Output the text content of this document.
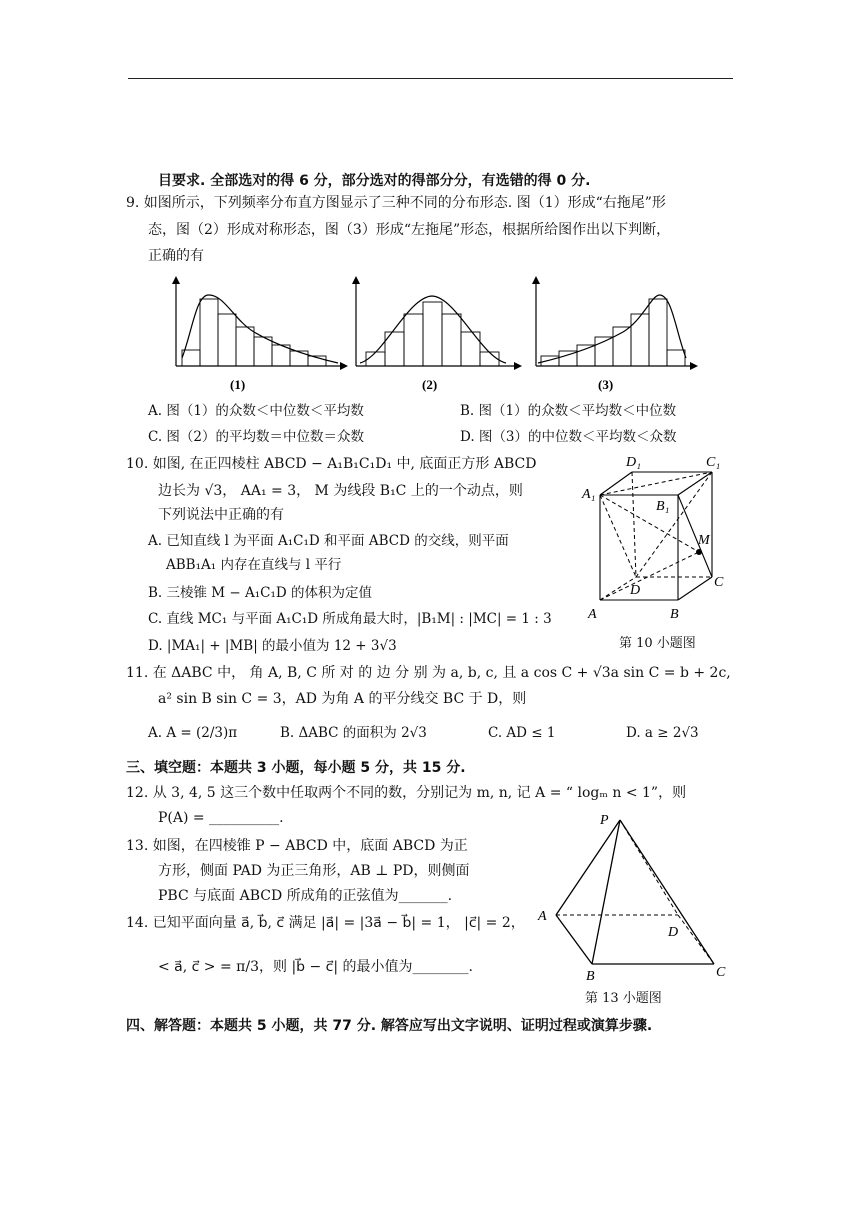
目要求. 全部选对的得 6 分，部分选对的得部分分，有选错的得 0 分.
9. 如图所示，下列频率分布直方图显示了三种不同的分布形态. 图（1）形成“右拖尾”形
态，图（2）形成对称形态，图（3）形成“左拖尾”形态，根据所给图作出以下判断，
正确的有
(1)	(2)	(3)
A. 图（1）的众数＜中位数＜平均数	B. 图（1）的众数＜平均数＜中位数
C. 图（2）的平均数＝中位数＝众数	D. 图（3）的中位数＜平均数＜众数
10. 如图, 在正四棱柱 ABCD − A₁B₁C₁D₁ 中, 底面正方形 ABCD
边长为 √3， AA₁ = 3， M 为线段 B₁C 上的一个动点，则
下列说法中正确的有
A. 已知直线 l 为平面 A₁C₁D 和平面 ABCD 的交线，则平面
ABB₁A₁ 内存在直线与 l 平行
B. 三棱锥 M − A₁C₁D 的体积为定值
C. 直线 MC₁ 与平面 A₁C₁D 所成角最大时，|B₁M| : |MC| = 1 : 3
D. |MA₁| + |MB| 的最小值为 12 + 3√3
D₁	C₁
A₁
B₁
M
D
C
A	B
第 10 小题图
11. 在 ΔABC 中， 角 A, B, C 所 对 的 边 分 别 为 a, b, c, 且 a cos C + √3a sin C = b + 2c,
a² sin B sin C = 3，AD 为角 A 的平分线交 BC 于 D，则
A. A = (2/3)π	B. ΔABC 的面积为 2√3	C. AD ≤ 1	D. a ≥ 2√3
三、填空题：本题共 3 小题，每小题 5 分，共 15 分.
12. 从 3, 4, 5 这三个数中任取两个不同的数，分别记为 m, n, 记 A = “ logₘ n < 1”，则
P(A) = __________.
13. 如图，在四棱锥 P − ABCD 中，底面 ABCD 为正
方形，侧面 PAD 为正三角形，AB ⊥ PD，则侧面
PBC 与底面 ABCD 所成角的正弦值为_______.
P
A
D
B	C
第 13 小题图
14. 已知平面向量 a⃗, b⃗, c⃗ 满足 |a⃗| = |3a⃗ − b⃗| = 1， |c⃗| = 2，
< a⃗, c⃗ > = π/3，则 |b⃗ − c⃗| 的最小值为________.
四、解答题：本题共 5 小题，共 77 分. 解答应写出文字说明、证明过程或演算步骤.
